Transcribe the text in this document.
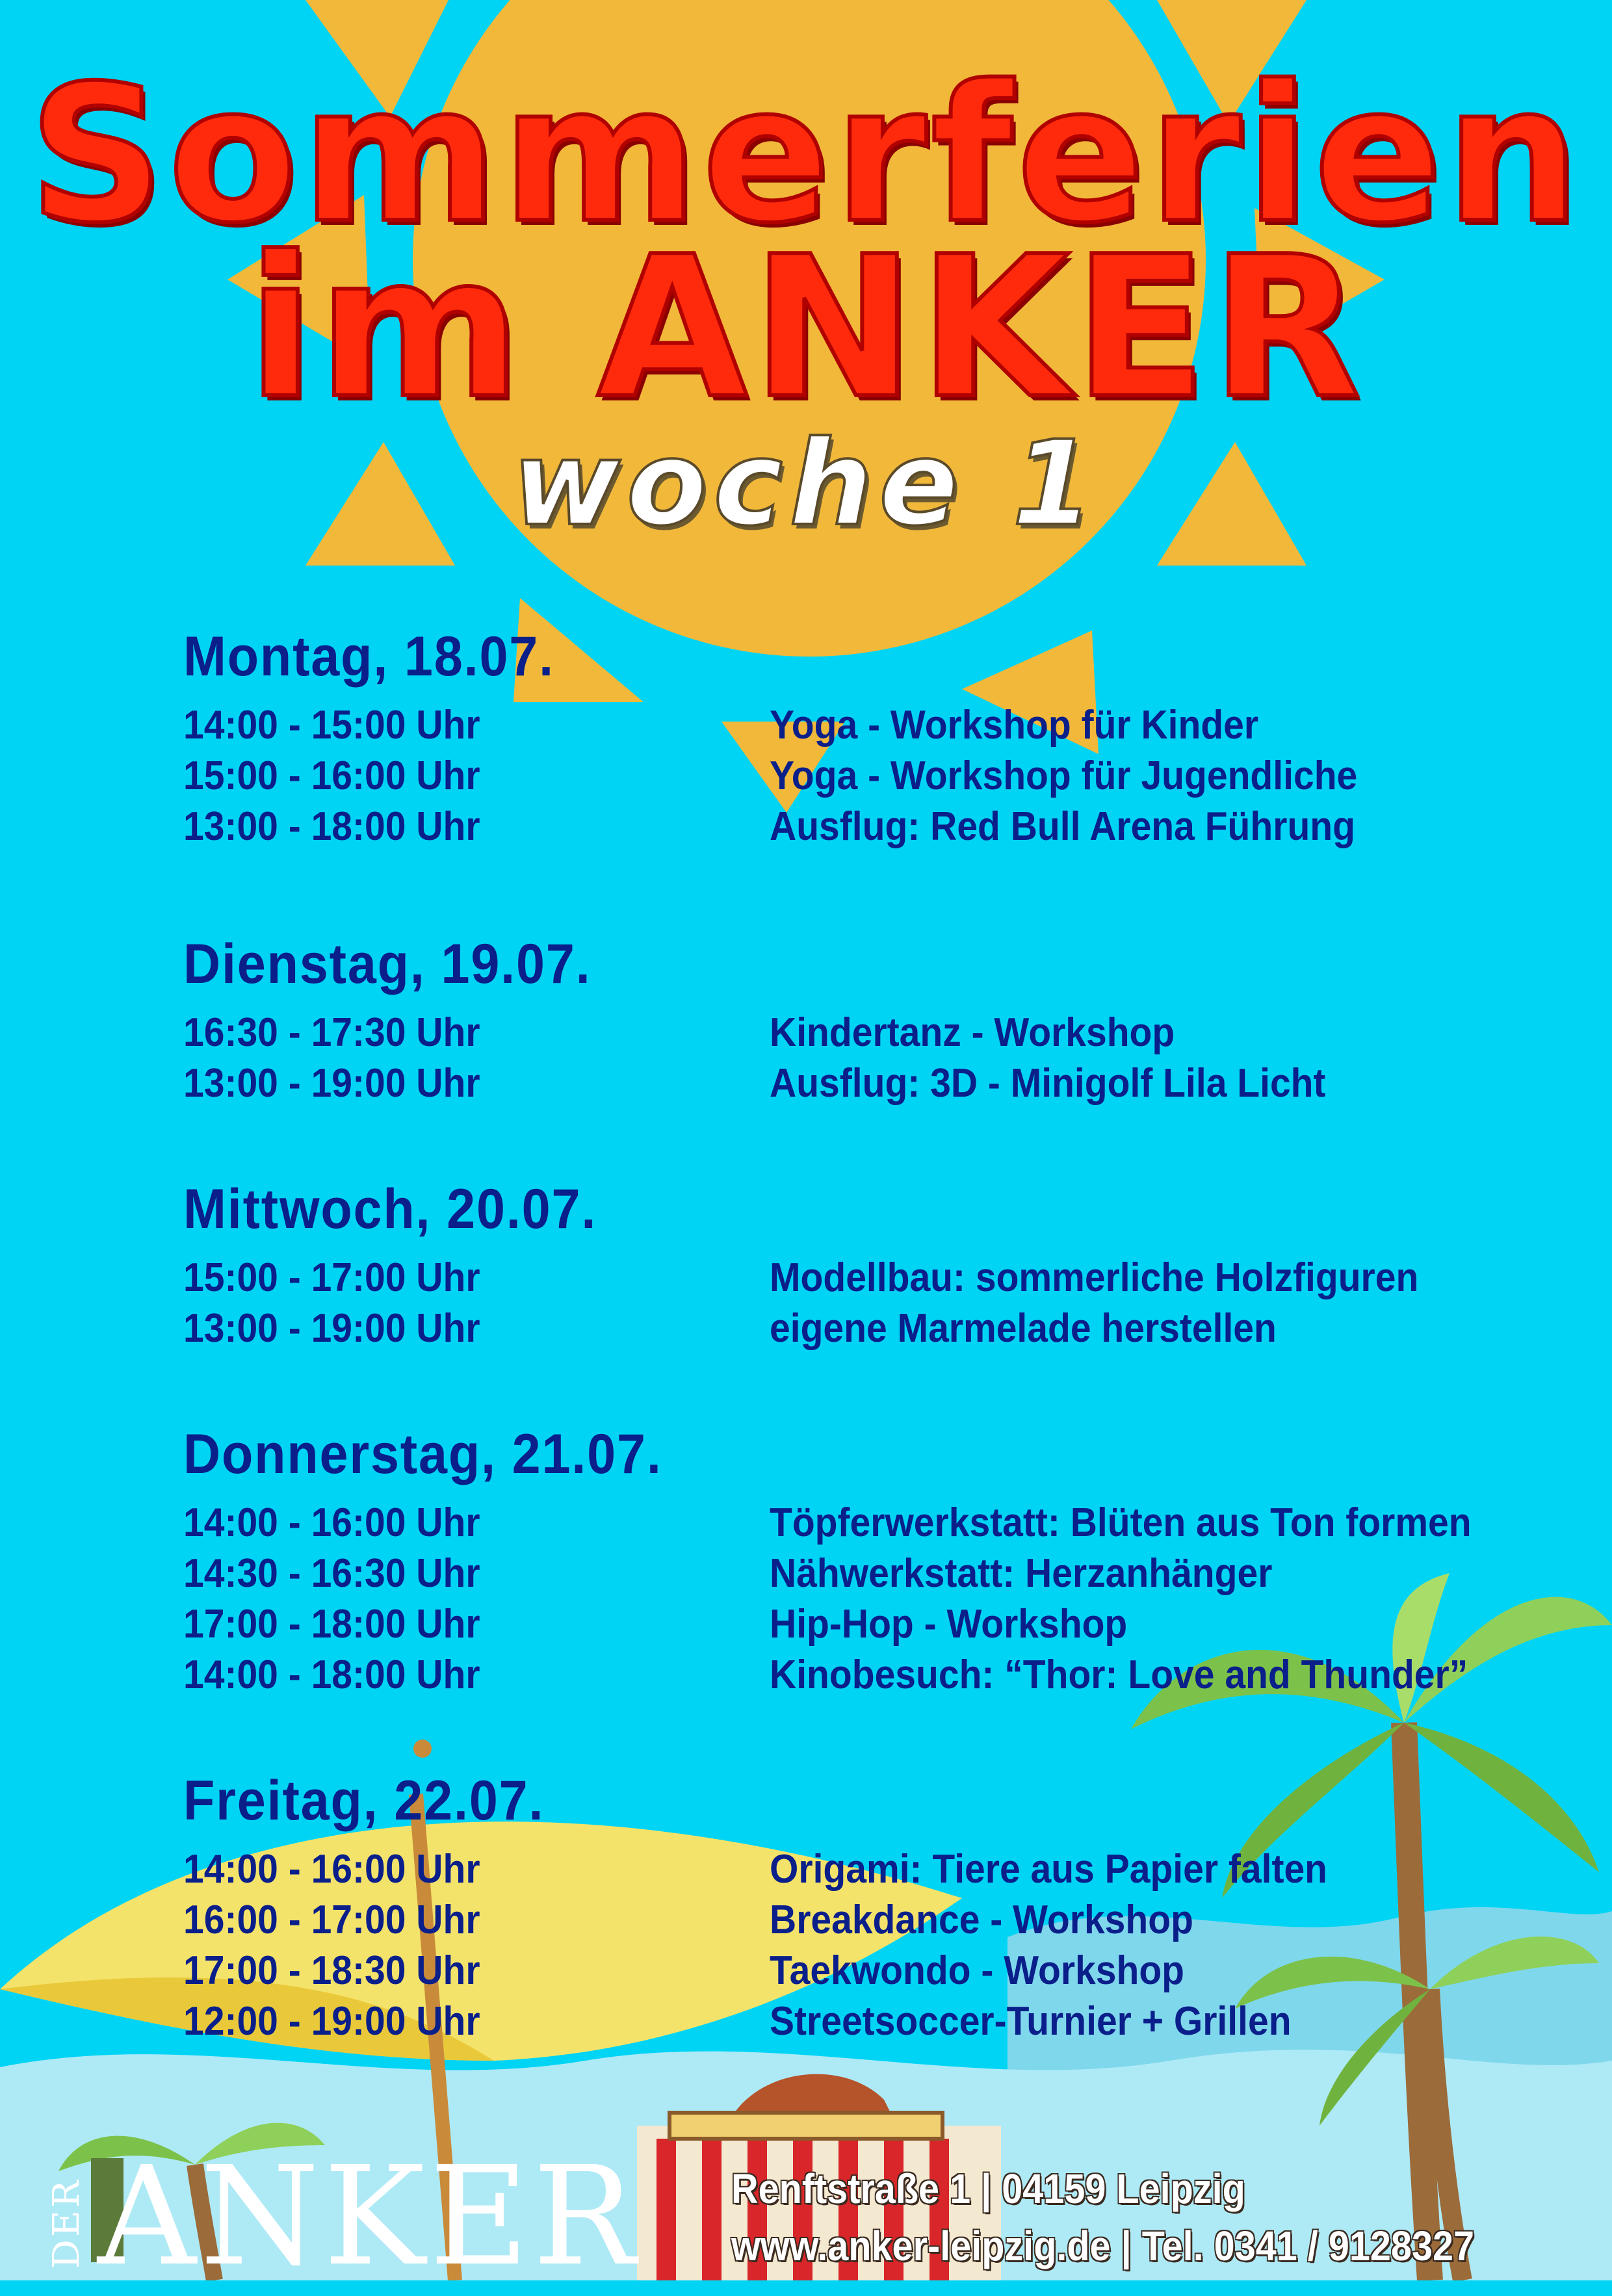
Sommerferien
im ANKER
woche 1
Montag, 18.07.
14:00 - 15:00 Uhr	Yoga - Workshop für Kinder
15:00 - 16:00 Uhr	Yoga - Workshop für Jugendliche
13:00 - 18:00 Uhr	Ausflug: Red Bull Arena Führung
Dienstag, 19.07.
16:30 - 17:30 Uhr	Kindertanz - Workshop
13:00 - 19:00 Uhr	Ausflug: 3D - Minigolf Lila Licht
Mittwoch, 20.07.
15:00 - 17:00 Uhr	Modellbau: sommerliche Holzfiguren
13:00 - 19:00 Uhr	eigene Marmelade herstellen
Donnerstag, 21.07.
14:00 - 16:00 Uhr	Töpferwerkstatt: Blüten aus Ton formen
14:30 - 16:30 Uhr	Nähwerkstatt: Herzanhänger
17:00 - 18:00 Uhr	Hip-Hop - Workshop
14:00 - 18:00 Uhr	Kinobesuch: “Thor: Love and Thunder”
Freitag, 22.07.
14:00 - 16:00 Uhr	Origami: Tiere aus Papier falten
16:00 - 17:00 Uhr	Breakdance - Workshop
17:00 - 18:30 Uhr	Taekwondo - Workshop
12:00 - 19:00 Uhr	Streetsoccer-Turnier + Grillen
DER ANKER Renftstraße 1 | 04159 Leipzig
www.anker-leipzig.de | Tel. 0341 / 9128327
